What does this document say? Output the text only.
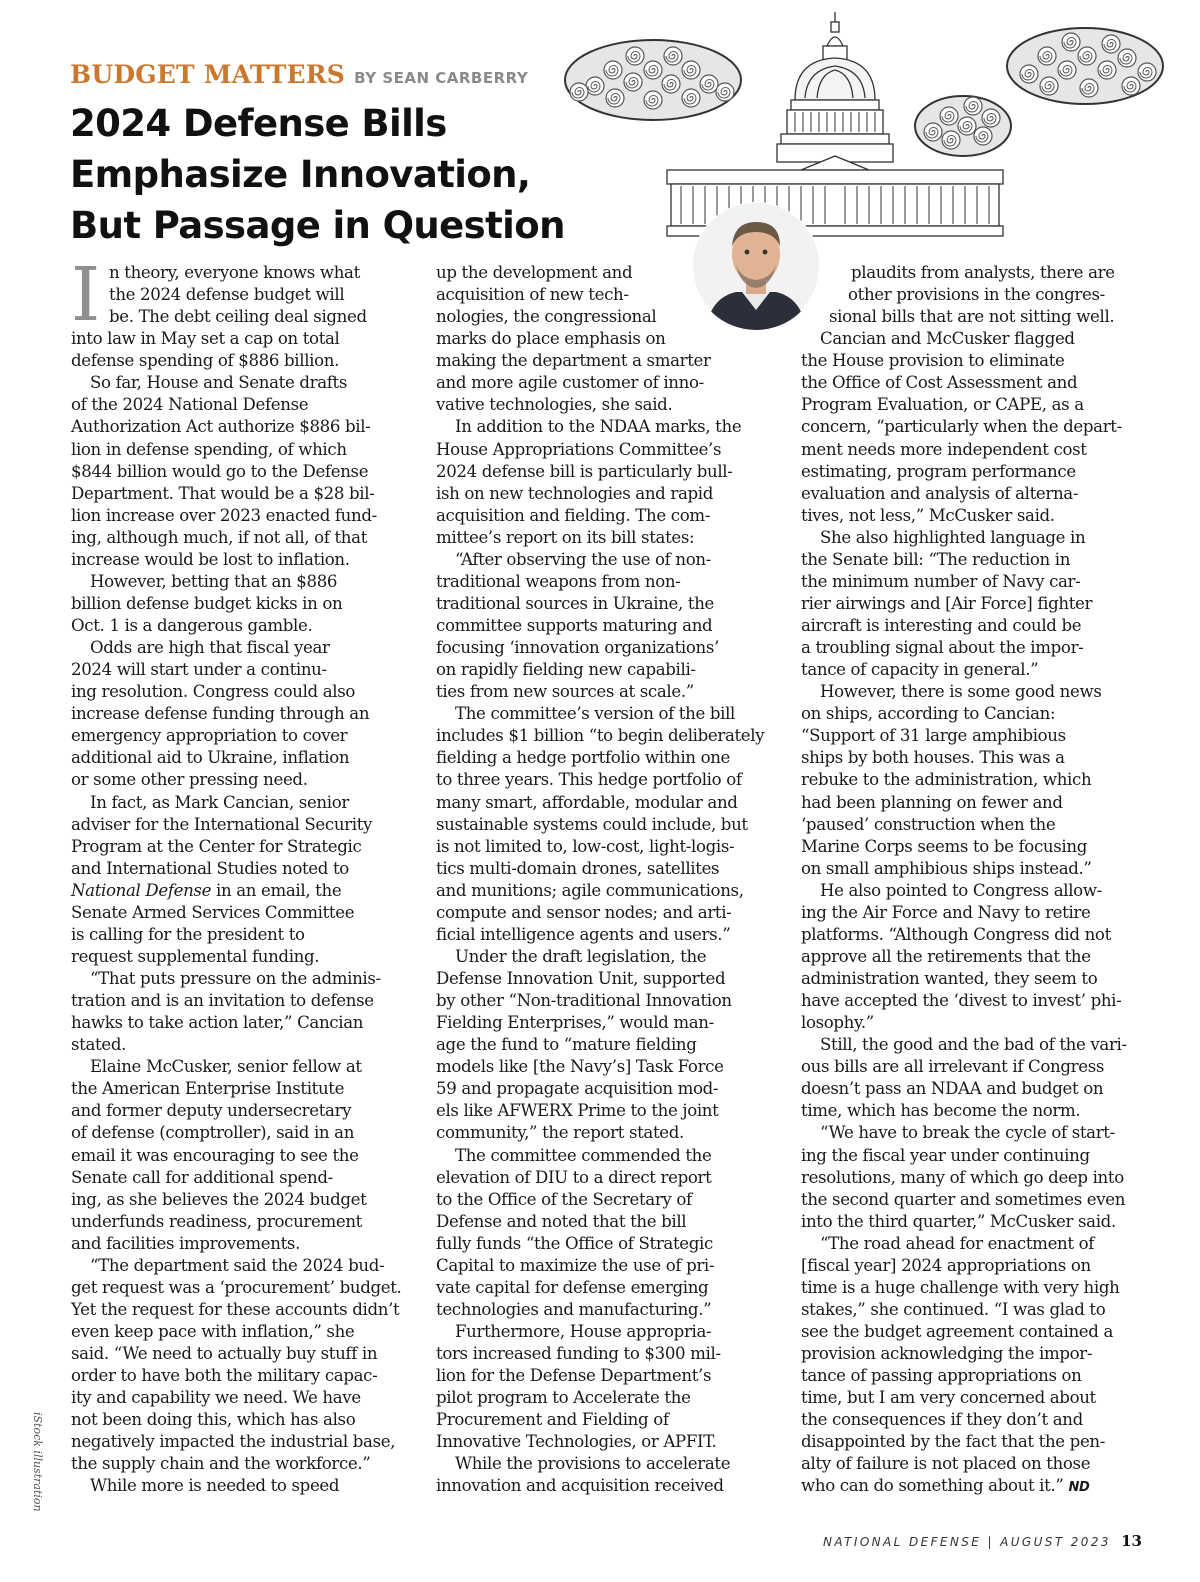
BUDGET MATTERS BY SEAN CARBERRY
2024 Defense Bills
Emphasize Innovation,
But Passage in Question
I n theory, everyone knows what
the 2024 defense budget will
be. The debt ceiling deal signed
into law in May set a cap on total
defense spending of $886 billion.
So far, House and Senate drafts
of the 2024 National Defense
Authorization Act authorize $886 bil-
lion in defense spending, of which
$844 billion would go to the Defense
Department. That would be a $28 bil-
lion increase over 2023 enacted fund-
ing, although much, if not all, of that
increase would be lost to inflation.
However, betting that an $886
billion defense budget kicks in on
Oct. 1 is a dangerous gamble.
Odds are high that fiscal year
2024 will start under a continu-
ing resolution. Congress could also
increase defense funding through an
emergency appropriation to cover
additional aid to Ukraine, inflation
or some other pressing need.
In fact, as Mark Cancian, senior
adviser for the International Security
Program at the Center for Strategic
and International Studies noted to
National Defense in an email, the
Senate Armed Services Committee
is calling for the president to
request supplemental funding.
“That puts pressure on the adminis-
tration and is an invitation to defense
hawks to take action later,” Cancian
stated.
Elaine McCusker, senior fellow at
the American Enterprise Institute
and former deputy undersecretary
of defense (comptroller), said in an
email it was encouraging to see the
Senate call for additional spend-
ing, as she believes the 2024 budget
underfunds readiness, procurement
and facilities improvements.
“The department said the 2024 bud-
get request was a ‘procurement’ budget.
Yet the request for these accounts didn’t
even keep pace with inflation,” she
said. “We need to actually buy stuff in
order to have both the military capac-
ity and capability we need. We have
not been doing this, which has also
negatively impacted the industrial base,
the supply chain and the workforce.”
While more is needed to speed
up the development and
acquisition of new tech-
nologies, the congressional
marks do place emphasis on
making the department a smarter
and more agile customer of inno-
vative technologies, she said.
In addition to the NDAA marks, the
House Appropriations Committee’s
2024 defense bill is particularly bull-
ish on new technologies and rapid
acquisition and fielding. The com-
mittee’s report on its bill states:
“After observing the use of non-
traditional weapons from non-
traditional sources in Ukraine, the
committee supports maturing and
focusing ‘innovation organizations’
on rapidly fielding new capabili-
ties from new sources at scale.”
The committee’s version of the bill
includes $1 billion “to begin deliberately
fielding a hedge portfolio within one
to three years. This hedge portfolio of
many smart, affordable, modular and
sustainable systems could include, but
is not limited to, low-cost, light-logis-
tics multi-domain drones, satellites
and munitions; agile communications,
compute and sensor nodes; and arti-
ficial intelligence agents and users.”
Under the draft legislation, the
Defense Innovation Unit, supported
by other “Non-traditional Innovation
Fielding Enterprises,” would man-
age the fund to “mature fielding
models like [the Navy’s] Task Force
59 and propagate acquisition mod-
els like AFWERX Prime to the joint
community,” the report stated.
The committee commended the
elevation of DIU to a direct report
to the Office of the Secretary of
Defense and noted that the bill
fully funds “the Office of Strategic
Capital to maximize the use of pri-
vate capital for defense emerging
technologies and manufacturing.”
Furthermore, House appropria-
tors increased funding to $300 mil-
lion for the Defense Department’s
pilot program to Accelerate the
Procurement and Fielding of
Innovative Technologies, or APFIT.
While the provisions to accelerate
innovation and acquisition received
plaudits from analysts, there are
other provisions in the congres-
sional bills that are not sitting well.
Cancian and McCusker flagged
the House provision to eliminate
the Office of Cost Assessment and
Program Evaluation, or CAPE, as a
concern, “particularly when the depart-
ment needs more independent cost
estimating, program performance
evaluation and analysis of alterna-
tives, not less,” McCusker said.
She also highlighted language in
the Senate bill: “The reduction in
the minimum number of Navy car-
rier airwings and [Air Force] fighter
aircraft is interesting and could be
a troubling signal about the impor-
tance of capacity in general.”
However, there is some good news
on ships, according to Cancian:
“Support of 31 large amphibious
ships by both houses. This was a
rebuke to the administration, which
had been planning on fewer and
‘paused’ construction when the
Marine Corps seems to be focusing
on small amphibious ships instead.”
He also pointed to Congress allow-
ing the Air Force and Navy to retire
platforms. “Although Congress did not
approve all the retirements that the
administration wanted, they seem to
have accepted the ‘divest to invest’ phi-
losophy.”
Still, the good and the bad of the vari-
ous bills are all irrelevant if Congress
doesn’t pass an NDAA and budget on
time, which has become the norm.
“We have to break the cycle of start-
ing the fiscal year under continuing
resolutions, many of which go deep into
the second quarter and sometimes even
into the third quarter,” McCusker said.
“The road ahead for enactment of
[fiscal year] 2024 appropriations on
time is a huge challenge with very high
stakes,” she continued. “I was glad to
see the budget agreement contained a
provision acknowledging the impor-
tance of passing appropriations on
time, but I am very concerned about
the consequences if they don’t and
disappointed by the fact that the pen-
alty of failure is not placed on those
who can do something about it.” ND
iStock illustration
NATIONAL DEFENSE | AUGUST 2023 13
